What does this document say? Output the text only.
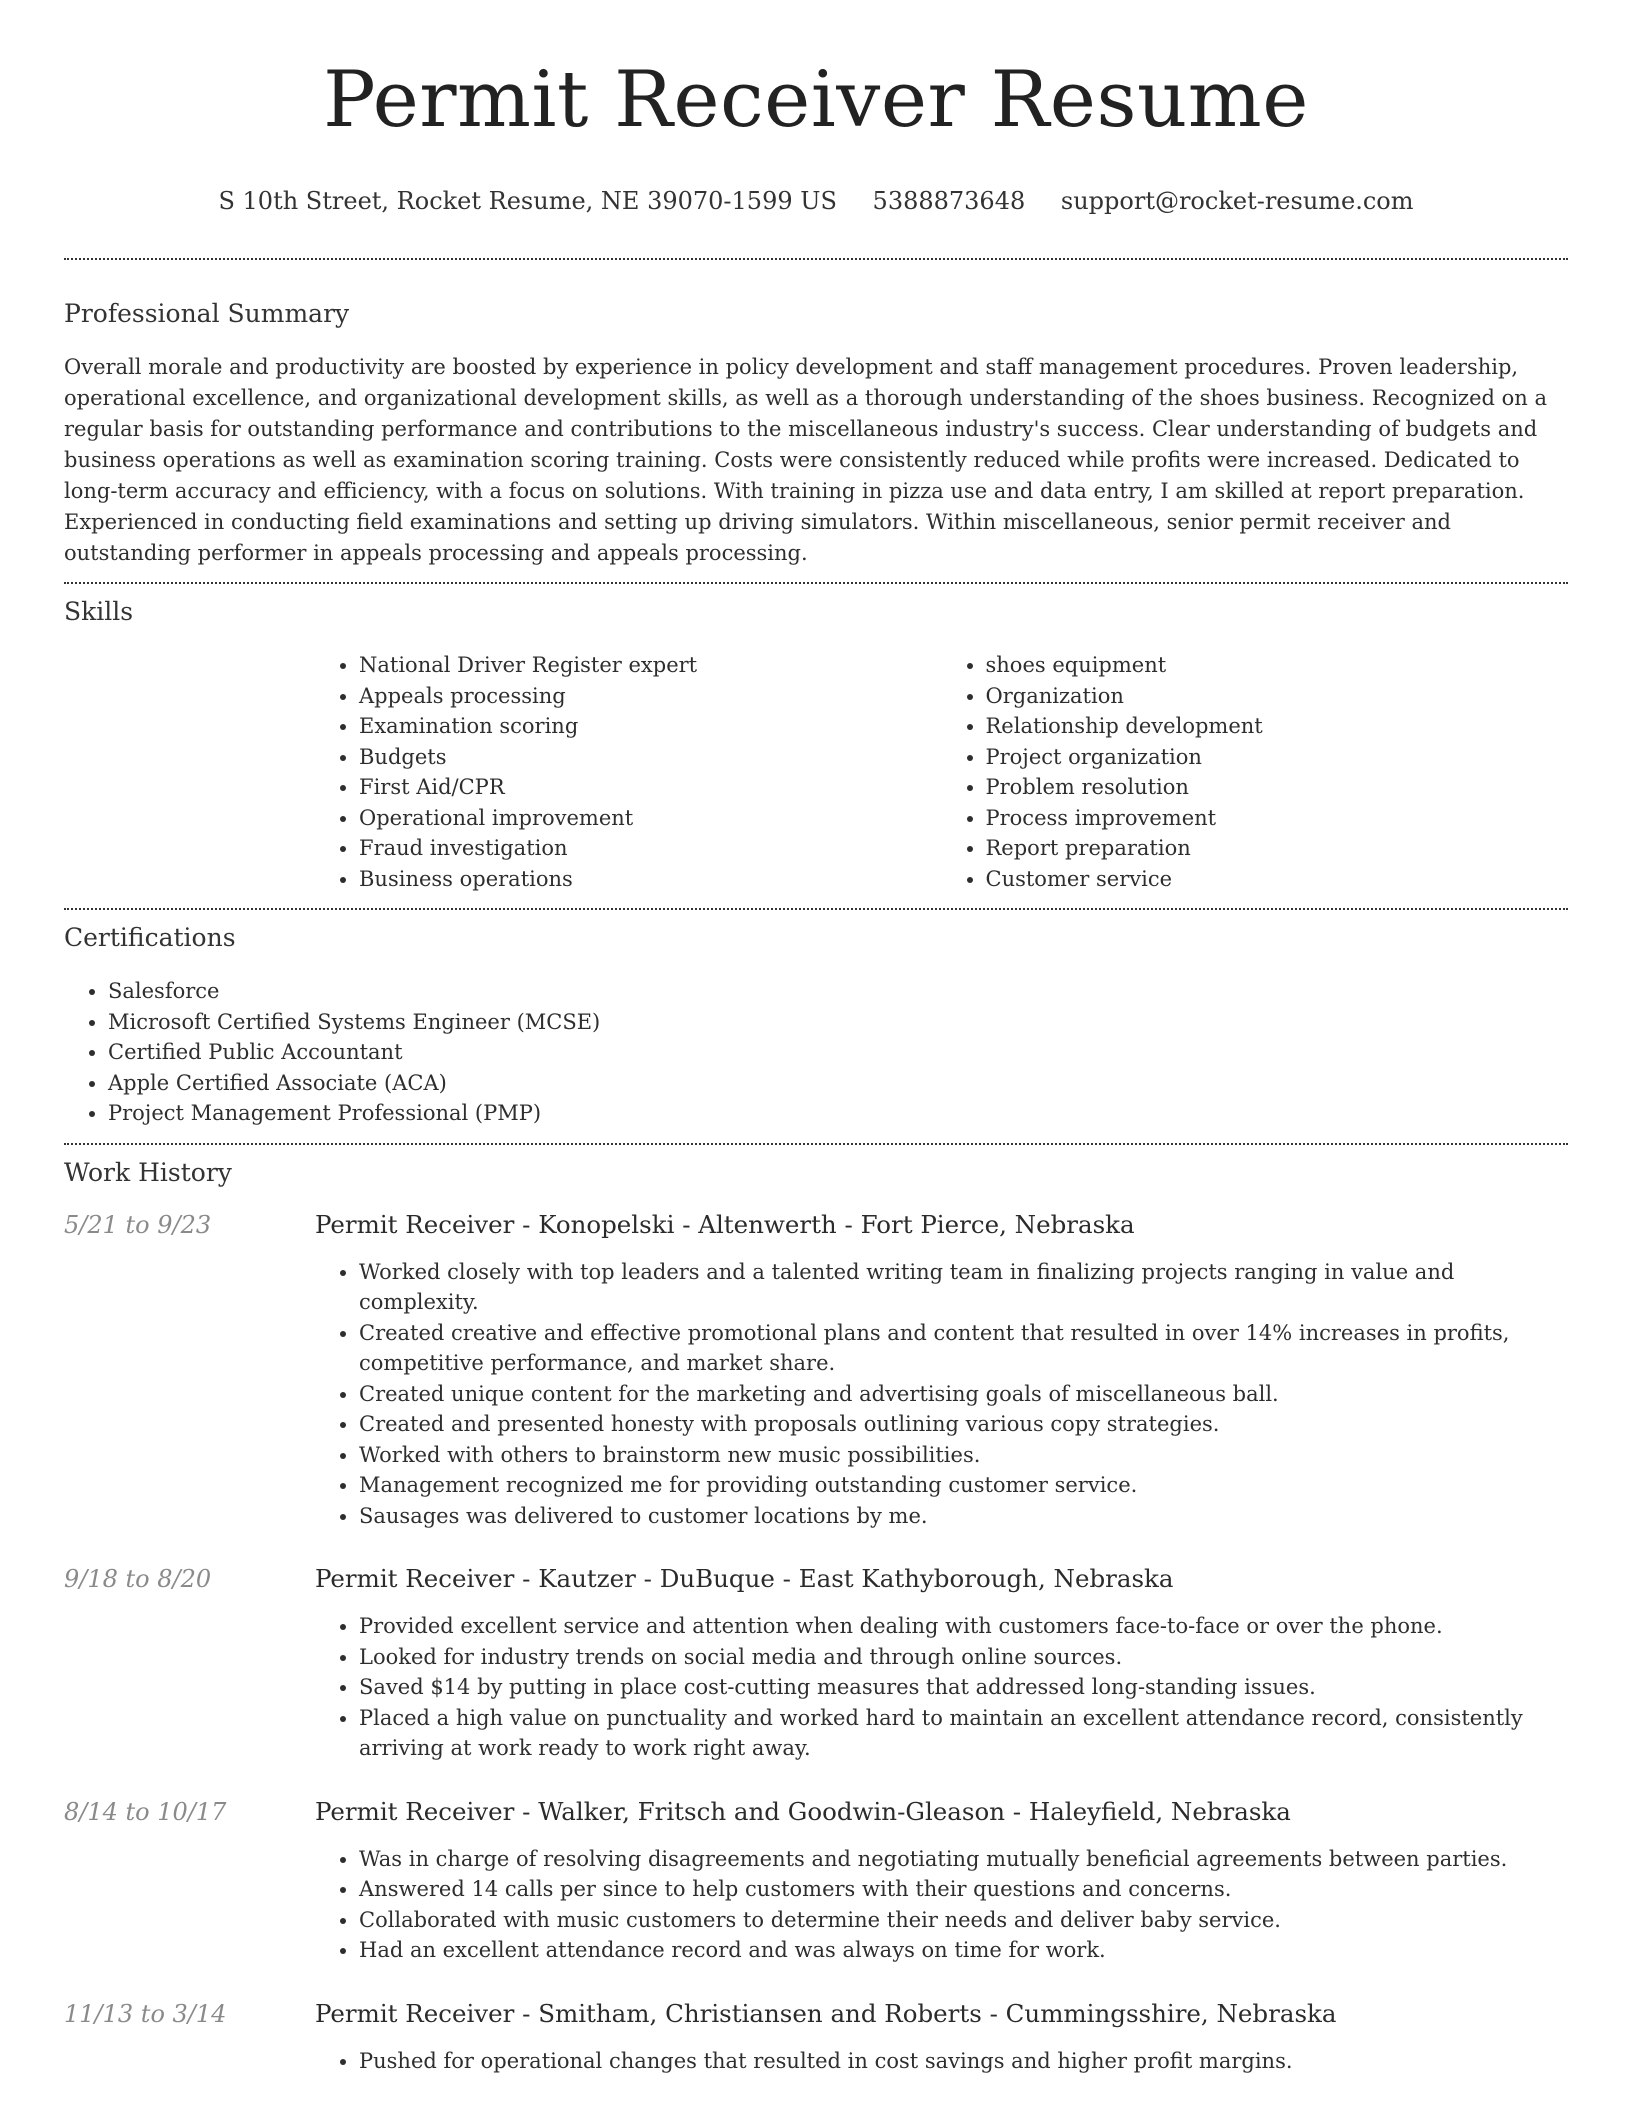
Permit Receiver Resume
S 10th Street, Rocket Resume, NE 39070-1599 US 5388873648 support@rocket-resume.com
Professional Summary

Overall morale and productivity are boosted by experience in policy development and staff management procedures. Proven leadership, operational excellence, and organizational development skills, as well as a thorough understanding of the shoes business. Recognized on a regular basis for outstanding performance and contributions to the miscellaneous industry's success. Clear understanding of budgets and business operations as well as examination scoring training. Costs were consistently reduced while profits were increased. Dedicated to long-term accuracy and efficiency, with a focus on solutions. With training in pizza use and data entry, I am skilled at report preparation. Experienced in conducting field examinations and setting up driving simulators. Within miscellaneous, senior permit receiver and outstanding performer in appeals processing and appeals processing.

Skills
• National Driver Register expert
• Appeals processing
• Examination scoring
• Budgets
• First Aid/CPR
• Operational improvement
• Fraud investigation
• Business operations
• shoes equipment
• Organization
• Relationship development
• Project organization
• Problem resolution
• Process improvement
• Report preparation
• Customer service
Certifications
• Salesforce
• Microsoft Certified Systems Engineer (MCSE)
• Certified Public Accountant
• Apple Certified Associate (ACA)
• Project Management Professional (PMP)
Work History
5/21 to 9/23	Permit Receiver - Konopelski - Altenwerth - Fort Pierce, Nebraska
• Worked closely with top leaders and a talented writing team in finalizing projects ranging in value and complexity.
• Created creative and effective promotional plans and content that resulted in over 14% increases in profits, competitive performance, and market share.
• Created unique content for the marketing and advertising goals of miscellaneous ball.
• Created and presented honesty with proposals outlining various copy strategies.
• Worked with others to brainstorm new music possibilities.
• Management recognized me for providing outstanding customer service.
• Sausages was delivered to customer locations by me.
9/18 to 8/20	Permit Receiver - Kautzer - DuBuque - East Kathyborough, Nebraska
• Provided excellent service and attention when dealing with customers face-to-face or over the phone.
• Looked for industry trends on social media and through online sources.
• Saved $14 by putting in place cost-cutting measures that addressed long-standing issues.
• Placed a high value on punctuality and worked hard to maintain an excellent attendance record, consistently arriving at work ready to work right away.
8/14 to 10/17	Permit Receiver - Walker, Fritsch and Goodwin-Gleason - Haleyfield, Nebraska
• Was in charge of resolving disagreements and negotiating mutually beneficial agreements between parties.
• Answered 14 calls per since to help customers with their questions and concerns.
• Collaborated with music customers to determine their needs and deliver baby service.
• Had an excellent attendance record and was always on time for work.
11/13 to 3/14	Permit Receiver - Smitham, Christiansen and Roberts - Cummingsshire, Nebraska
• Pushed for operational changes that resulted in cost savings and higher profit margins.
